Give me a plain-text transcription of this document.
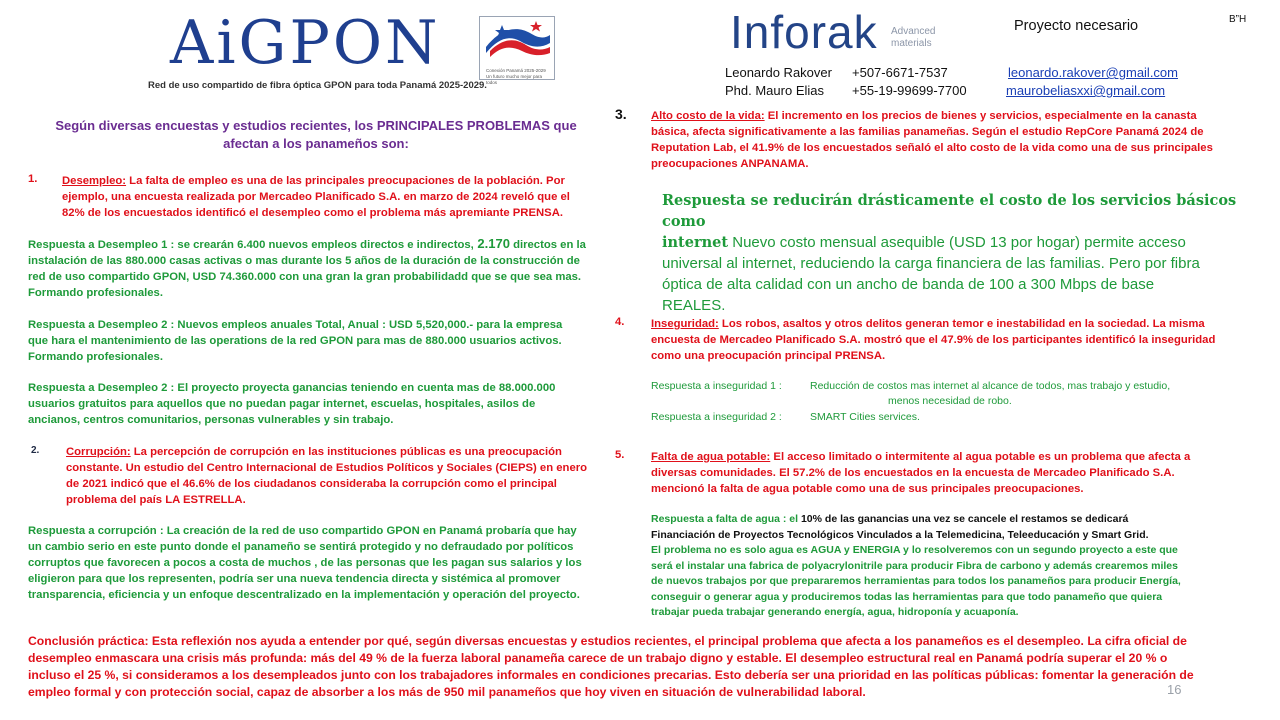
AiGPON	Conexión Panamá 2025-2029
Un futuro mucho mejor para todos
Red de uso compartido de fibra óptica GPON para toda Panamá 2025-2029.
Inforak Advanced
materials
Leonardo Rakover +507-6671-7537	leonardo.rakover@gmail.com
Phd. Mauro Elias +55-19-99699-7700	maurobeliasxxi@gmail.com
Proyecto necesario	B”H
Según diversas encuestas y estudios recientes, los PRINCIPALES PROBLEMAS que
afectan a los panameños son:
1. Desempleo: La falta de empleo es una de las principales preocupaciones de la población. Por

ejemplo, una encuesta realizada por Mercadeo Planificado S.A. en marzo de 2024 reveló que el

82% de los encuestados identificó el desempleo como el problema más apremiante PRENSA.

Respuesta a Desempleo 1 : se crearán 6.400 nuevos empleos directos e indirectos, 2.170 directos en la

instalación de las 880.000 casas activas o mas durante los 5 años de la duración de la construcción de

red de uso compartido GPON, USD 74.360.000 con una gran la gran probabilidadd que se que sea mas.

Formando profesionales.

Respuesta a Desempleo 2 : Nuevos empleos anuales Total, Anual : USD 5,520,000.- para la empresa

que hara el mantenimiento de las operations de la red GPON para mas de 880.000 usuarios activos.

Formando profesionales.

Respuesta a Desempleo 2 : El proyecto proyecta ganancias teniendo en cuenta mas de 88.000.000

usuarios gratuitos para aquellos que no puedan pagar internet, escuelas, hospitales, asilos de

ancianos, centros comunitarios, personas vulnerables y sin trabajo.

2. Corrupción: La percepción de corrupción en las instituciones públicas es una preocupación

constante. Un estudio del Centro Internacional de Estudios Políticos y Sociales (CIEPS) en enero

de 2021 indicó que el 46.6% de los ciudadanos consideraba la corrupción como el principal

problema del país LA ESTRELLA.

Respuesta a corrupción : La creación de la red de uso compartido GPON en Panamá probaría que hay

un cambio serio en este punto donde el panameño se sentirá protegido y no defraudado por políticos

corruptos que favorecen a pocos a costa de muchos , de las personas que les pagan sus salarios y los

eligieron para que los representen, podría ser una nueva tendencia directa y sistémica al promover

transparencia, eficiencia y un enfoque descentralizado en la implementación y operación del proyecto.

3. Alto costo de la vida: El incremento en los precios de bienes y servicios, especialmente en la canasta

básica, afecta significativamente a las familias panameñas. Según el estudio RepCore Panamá 2024 de

Reputation Lab, el 41.9% de los encuestados señaló el alto costo de la vida como una de sus principales

preocupaciones ANPANAMA.

Respuesta se reducirán drásticamente el costo de los servicios básicos como
internet Nuevo costo mensual asequible (USD 13 por hogar) permite acceso
universal al internet, reduciendo la carga financiera de las familias. Pero por fibra
óptica de alta calidad con un ancho de banda de 100 a 300 Mbps de base
REALES.
4. Inseguridad: Los robos, asaltos y otros delitos generan temor e inestabilidad en la sociedad. La misma

encuesta de Mercadeo Planificado S.A. mostró que el 47.9% de los participantes identificó la inseguridad

como una preocupación principal PRENSA.

Respuesta a inseguridad 1 :	Reducción de costos mas internet al alcance de todos, mas trabajo y estudio,
menos necesidad de robo.
Respuesta a inseguridad 2 :	SMART Cities services.
5. Falta de agua potable: El acceso limitado o intermitente al agua potable es un problema que afecta a

diversas comunidades. El 57.2% de los encuestados en la encuesta de Mercadeo Planificado S.A.

mencionó la falta de agua potable como una de sus principales preocupaciones.

Respuesta a falta de agua : el 10% de las ganancias una vez se cancele el restamos se dedicará
Financiación de Proyectos Tecnológicos Vinculados a la Telemedicina, Teleeducación y Smart Grid.
El problema no es solo agua es AGUA y ENERGIA y lo resolveremos con un segundo proyecto a este que
será el instalar una fabrica de polyacrylonitrile para producir Fibra de carbono y además crearemos miles
de nuevos trabajos por que prepararemos herramientas para todos los panameños para producir Energía,
conseguir o generar agua y produciremos todas las herramientas para que todo panameño que quiera
trabajar pueda trabajar generando energía, agua, hidroponía y acuaponía.
Conclusión práctica: Esta reflexión nos ayuda a entender por qué, según diversas encuestas y estudios recientes, el principal problema que afecta a los panameños es el desempleo. La cifra oficial de
desempleo enmascara una crisis más profunda: más del 49 % de la fuerza laboral panameña carece de un trabajo digno y estable. El desempleo estructural real en Panamá podría superar el 20 % o
incluso el 25 %, si consideramos a los desempleados junto con los trabajadores informales en condiciones precarias. Esto debería ser una prioridad en las políticas públicas: fomentar la generación de
empleo formal y con protección social, capaz de absorber a los más de 950 mil panameños que hoy viven en situación de vulnerabilidad laboral.	16
